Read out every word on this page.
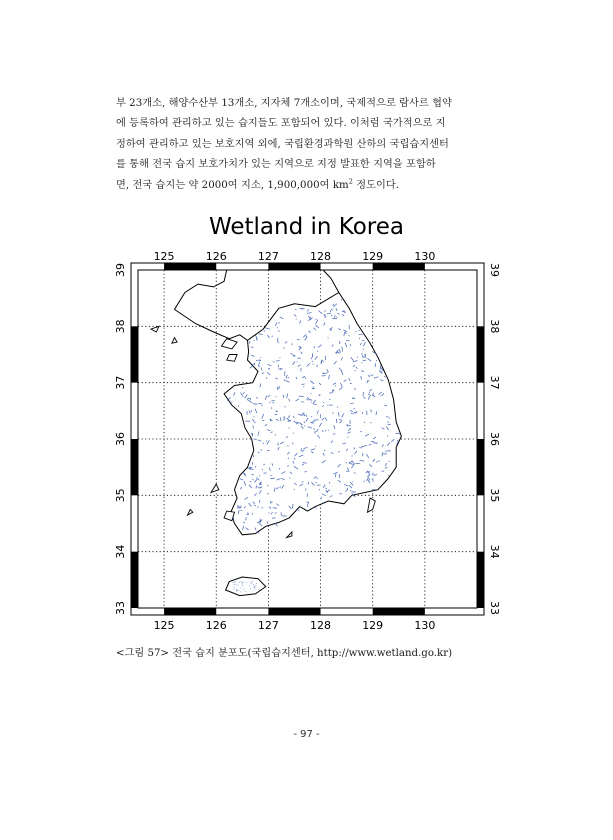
부 23개소, 해양수산부 13개소, 지자체 7개소이며, 국제적으로 람사르 협약

에 등록하여 관리하고 있는 습지들도 포함되어 있다. 이처럼 국가적으로 지

정하여 관리하고 있는 보호지역 외에, 국립환경과학원 산하의 국립습지센터

를 통해 전국 습지 보호가치가 있는 지역으로 지정 발표한 지역을 포함하

면, 전국 습지는 약 2000여 지소, 1,900,000여 $km^2$ 정도이다.

Wetland in Korea
125
125
126
126
127
127
128
128
129
129
130
130
39	39
38	38
37	37
36	36
35	35
34	34
33	33
<그림 57> 전국 습지 분포도(국립습지센터, http://www.wetland.go.kr)
- 97 -
